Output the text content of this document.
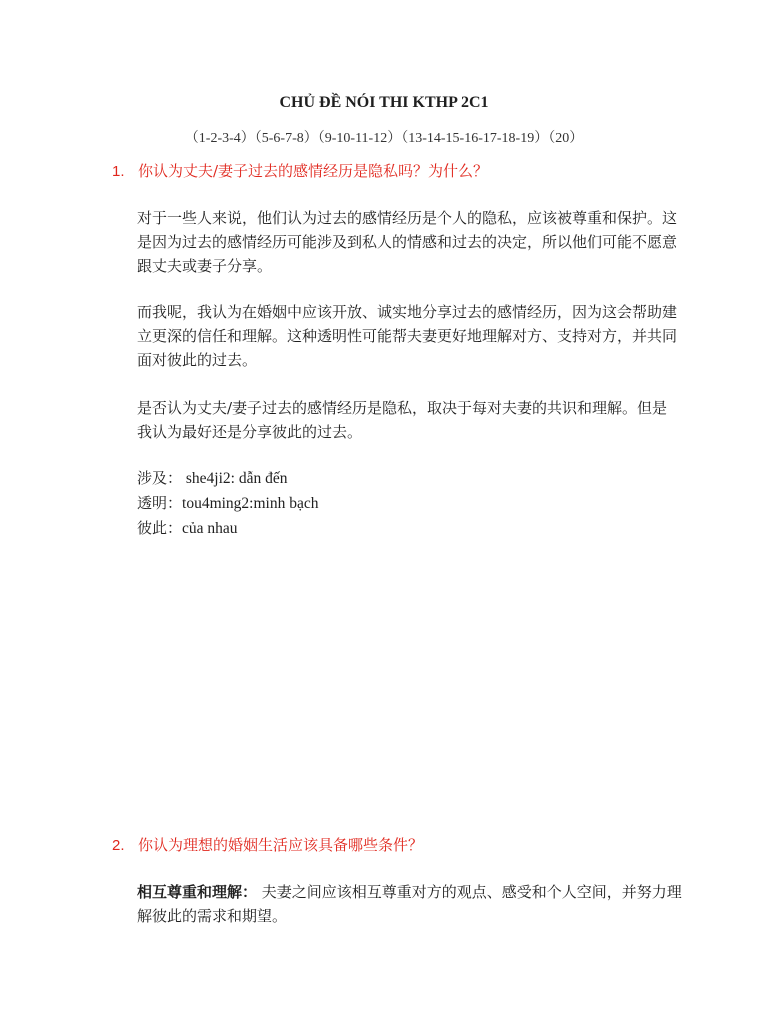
CHỦ ĐỀ NÓI THI KTHP 2C1
（1-2-3-4）（5-6-7-8）（9-10-11-12）（13-14-15-16-17-18-19）（20）
1. 你认为丈夫/妻子过去的感情经历是隐私吗？为什么？
对于一些人来说，他们认为过去的感情经历是个人的隐私，应该被尊重和保护。这是因为过去的感情经历可能涉及到私人的情感和过去的决定，所以他们可能不愿意跟丈夫或妻子分享。
而我呢，我认为在婚姻中应该开放、诚实地分享过去的感情经历，因为这会帮助建立更深的信任和理解。这种透明性可能帮夫妻更好地理解对方、支持对方，并共同面对彼此的过去。
是否认为丈夫/妻子过去的感情经历是隐私，取决于每对夫妻的共识和理解。但是我认为最好还是分享彼此的过去。
涉及： she4ji2: dẫn đến
透明：tou4ming2:minh bạch
彼此：của nhau
2. 你认为理想的婚姻生活应该具备哪些条件？
相互尊重和理解： 夫妻之间应该相互尊重对方的观点、感受和个人空间，并努力理解彼此的需求和期望。
